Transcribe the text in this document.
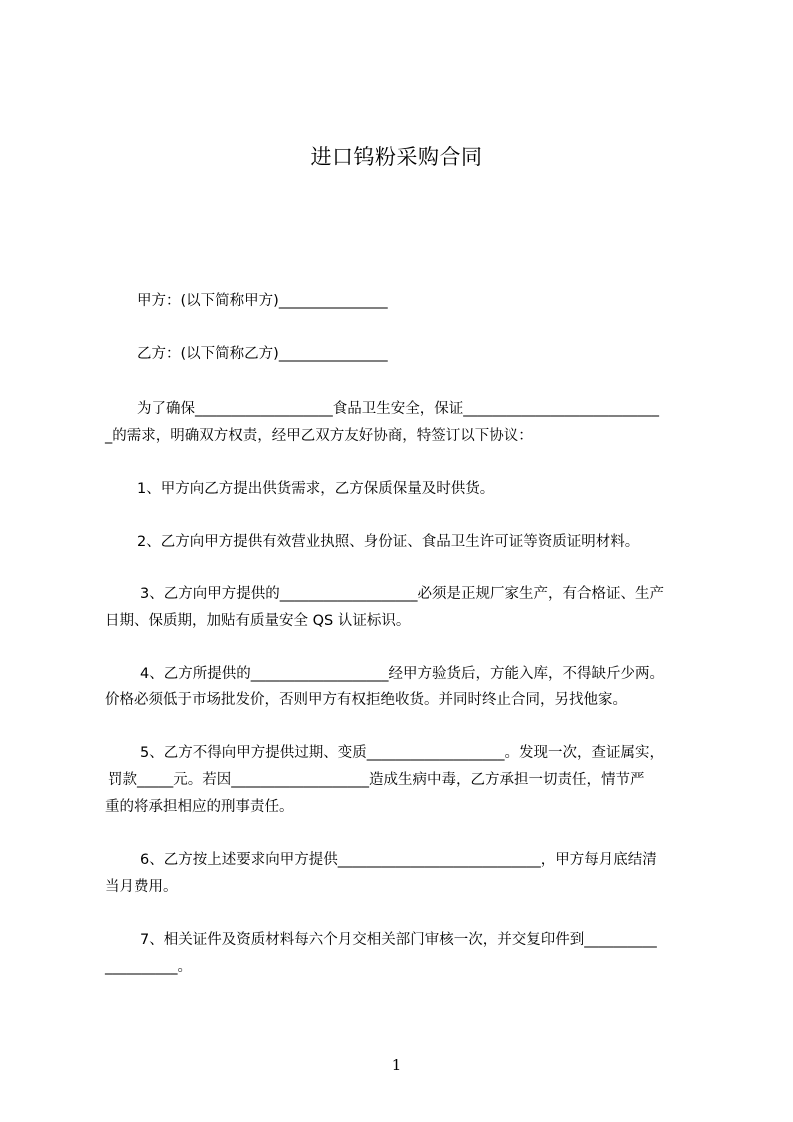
进口钨粉采购合同
甲方：(以下简称甲方)_______________
乙方：(以下简称乙方)_______________
为了确保___________________食品卫生安全，保证___________________________
_的需求，明确双方权责，经甲乙双方友好协商，特签订以下协议：
1、甲方向乙方提出供货需求，乙方保质保量及时供货。
2、乙方向甲方提供有效营业执照、身份证、食品卫生许可证等资质证明材料。
3、乙方向甲方提供的___________________必须是正规厂家生产，有合格证、生产
日期、保质期，加贴有质量安全 QS 认证标识。
4、乙方所提供的___________________经甲方验货后，方能入库，不得缺斤少两。
价格必须低于市场批发价，否则甲方有权拒绝收货。并同时终止合同，另找他家。
5、乙方不得向甲方提供过期、变质___________________。发现一次，查证属实，
罚款_____元。若因___________________造成生病中毒，乙方承担一切责任，情节严
重的将承担相应的刑事责任。
6、乙方按上述要求向甲方提供____________________________，甲方每月底结清
当月费用。
7、相关证件及资质材料每六个月交相关部门审核一次，并交复印件到__________
__________。
1
